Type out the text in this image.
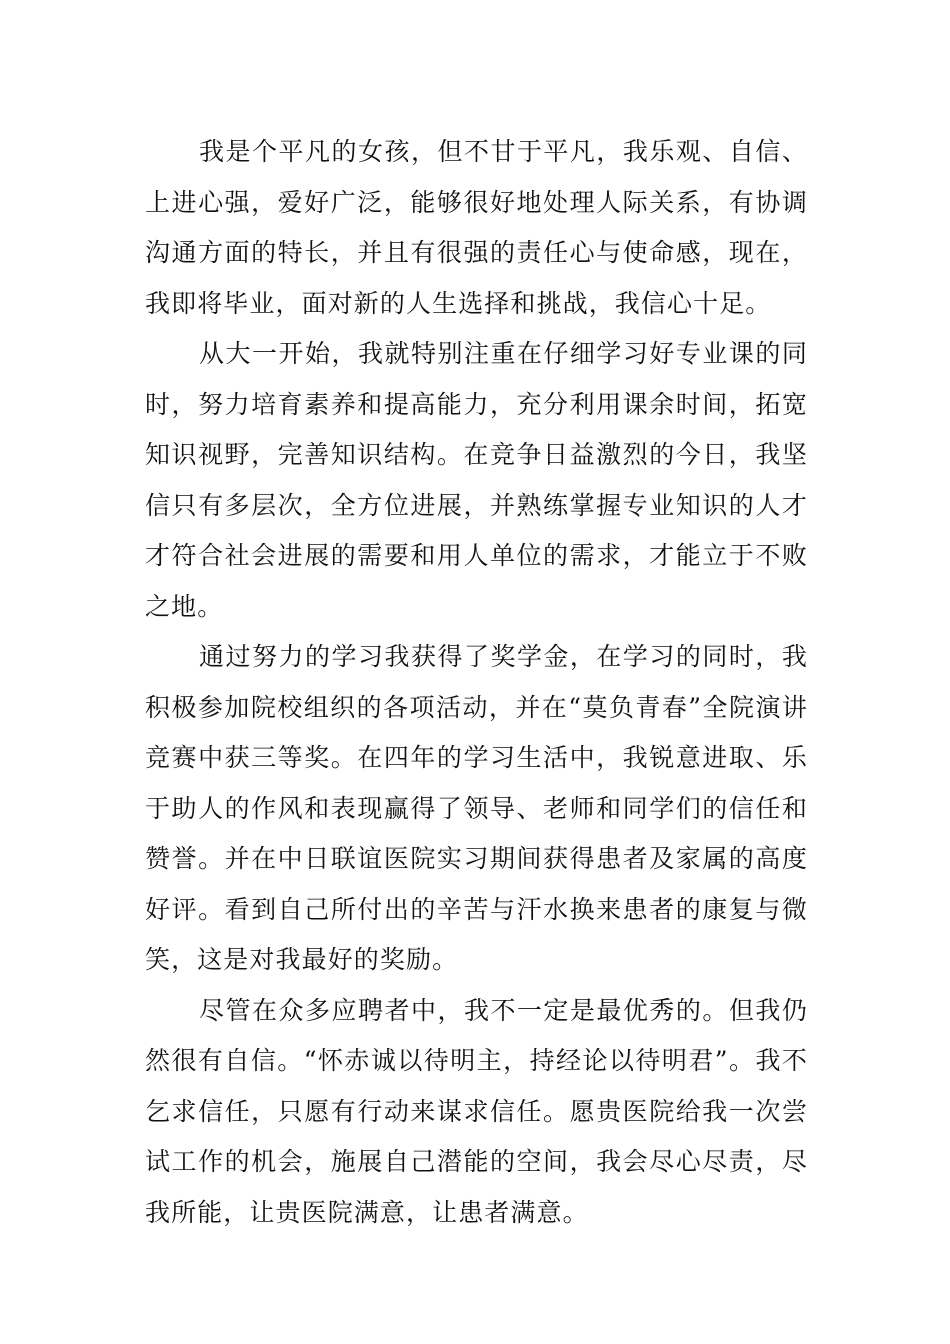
我是个平凡的女孩，但不甘于平凡，我乐观、自信、上进心强，爱好广泛，能够很好地处理人际关系，有协调沟通方面的特长，并且有很强的责任心与使命感，现在，我即将毕业，面对新的人生选择和挑战，我信心十足。

从大一开始，我就特别注重在仔细学习好专业课的同时，努力培育素养和提高能力，充分利用课余时间，拓宽知识视野，完善知识结构。在竞争日益激烈的今日，我坚信只有多层次，全方位进展，并熟练掌握专业知识的人才才符合社会进展的需要和用人单位的需求，才能立于不败之地。

通过努力的学习我获得了奖学金，在学习的同时，我积极参加院校组织的各项活动，并在“莫负青春”全院演讲竞赛中获三等奖。在四年的学习生活中，我锐意进取、乐于助人的作风和表现赢得了领导、老师和同学们的信任和赞誉。并在中日联谊医院实习期间获得患者及家属的高度好评。看到自己所付出的辛苦与汗水换来患者的康复与微笑，这是对我最好的奖励。

尽管在众多应聘者中，我不一定是最优秀的。但我仍然很有自信。“怀赤诚以待明主，持经论以待明君”。我不乞求信任，只愿有行动来谋求信任。愿贵医院给我一次尝试工作的机会，施展自己潜能的空间，我会尽心尽责，尽我所能，让贵医院满意，让患者满意。
